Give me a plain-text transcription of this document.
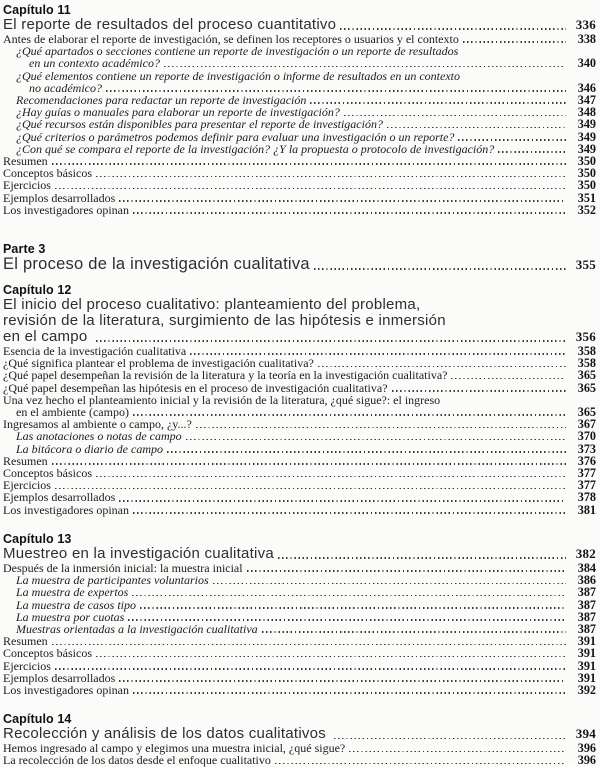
Capítulo 11
El reporte de resultados del proceso cuantitativo	336
Antes de elaborar el reporte de investigación, se definen los receptores o usuarios y el contexto	338
¿Qué apartados o secciones contiene un reporte de investigación o un reporte de resultados
en un contexto académico?	340
¿Qué elementos contiene un reporte de investigación o informe de resultados en un contexto
no académico?	346
Recomendaciones para redactar un reporte de investigación	347
¿Hay guías o manuales para elaborar un reporte de investigación?	348
¿Qué recursos están disponibles para presentar el reporte de investigación?	349
¿Qué criterios o parámetros podemos definir para evaluar una investigación o un reporte?	349
¿Con qué se compara el reporte de la investigación? ¿Y la propuesta o protocolo de investigación?	349
Resumen	350
Conceptos básicos	350
Ejercicios	350
Ejemplos desarrollados	351
Los investigadores opinan	352
Parte 3
El proceso de la investigación cualitativa	355
Capítulo 12
El inicio del proceso cualitativo: planteamiento del problema,
revisión de la literatura, surgimiento de las hipótesis e inmersión
en el campo	356
Esencia de la investigación cualitativa	358
¿Qué significa plantear el problema de investigación cualitativa?	358
¿Qué papel desempeñan la revisión de la literatura y la teoría en la investigación cualitativa?	365
¿Qué papel desempeñan las hipótesis en el proceso de investigación cualitativa?	365
Una vez hecho el planteamiento inicial y la revisión de la literatura, ¿qué sigue?: el ingreso
en el ambiente (campo)	365
Ingresamos al ambiente o campo, ¿y...?	367
Las anotaciones o notas de campo	370
La bitácora o diario de campo	373
Resumen	376
Conceptos básicos	377
Ejercicios	377
Ejemplos desarrollados	378
Los investigadores opinan	381
Capítulo 13
Muestreo en la investigación cualitativa	382
Después de la inmersión inicial: la muestra inicial	384
La muestra de participantes voluntarios	386
La muestra de expertos	387
La muestra de casos tipo	387
La muestra por cuotas	387
Muestras orientadas a la investigación cualitativa	387
Resumen	391
Conceptos básicos	391
Ejercicios	391
Ejemplos desarrollados	391
Los investigadores opinan	392
Capítulo 14
Recolección y análisis de los datos cualitativos	394
Hemos ingresado al campo y elegimos una muestra inicial, ¿qué sigue?	396
La recolección de los datos desde el enfoque cualitativo	396
